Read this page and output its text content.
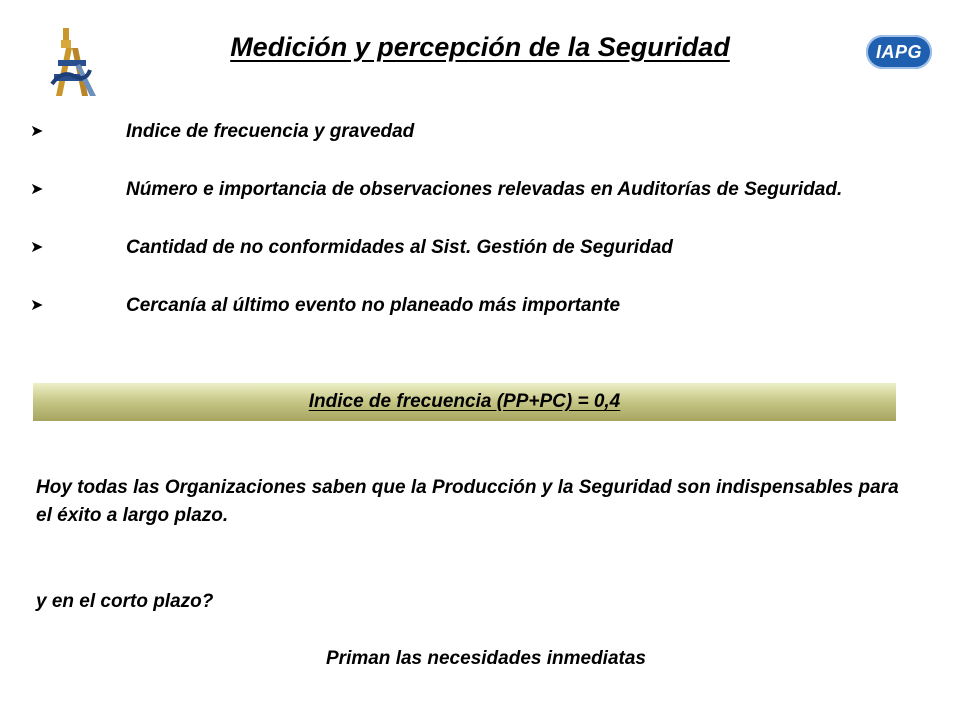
Medición y percepción de la Seguridad	IAPG
➤	Indice de frecuencia y gravedad
➤	Número e importancia de observaciones relevadas en Auditorías de Seguridad.
➤	Cantidad de no conformidades al Sist. Gestión de Seguridad
➤	Cercanía al último evento no planeado más importante
Indice de frecuencia (PP+PC) = 0,4
Hoy todas las Organizaciones saben que la Producción y la Seguridad son indispensables para el éxito a largo plazo.
y en el corto plazo?
Priman las necesidades inmediatas
